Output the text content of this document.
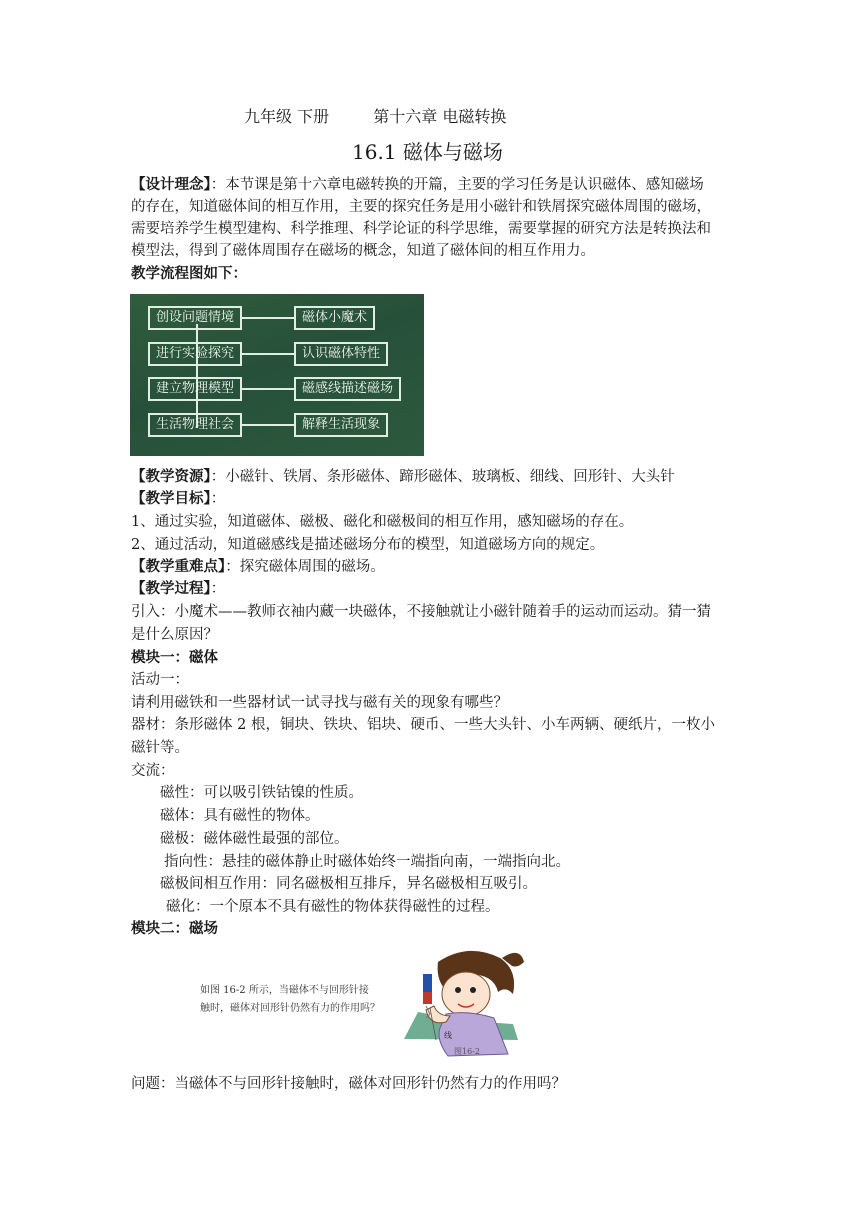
九年级 下册	第十六章 电磁转换
16.1 磁体与磁场
【设计理念】：本节课是第十六章电磁转换的开篇，主要的学习任务是认识磁体、感知磁场
的存在，知道磁体间的相互作用，主要的探究任务是用小磁针和铁屑探究磁体周围的磁场，
需要培养学生模型建构、科学推理、科学论证的科学思维，需要掌握的研究方法是转换法和
模型法，得到了磁体周围存在磁场的概念，知道了磁体间的相互作用力。
教学流程图如下：
创设问题情境
进行实验探究
建立物理模型
生活物理社会
磁体小魔术
认识磁体特性
磁感线描述磁场
解释生活现象
【教学资源】：小磁针、铁屑、条形磁体、蹄形磁体、玻璃板、细线、回形针、大头针
【教学目标】：
1、通过实验，知道磁体、磁极、磁化和磁极间的相互作用，感知磁场的存在。
2、通过活动，知道磁感线是描述磁场分布的模型，知道磁场方向的规定。
【教学重难点】：探究磁体周围的磁场。
【教学过程】：
引入：小魔术——教师衣袖内藏一块磁体，不接触就让小磁针随着手的运动而运动。猜一猜
是什么原因？
模块一：磁体
活动一：
请利用磁铁和一些器材试一试寻找与磁有关的现象有哪些？
器材：条形磁体 2 根，铜块、铁块、铝块、硬币、一些大头针、小车两辆、硬纸片，一枚小
磁针等。
交流：
磁性：可以吸引铁钴镍的性质。
磁体：具有磁性的物体。
磁极：磁体磁性最强的部位。
指向性：悬挂的磁体静止时磁体始终一端指向南，一端指向北。
磁极间相互作用：同名磁极相互排斥，异名磁极相互吸引。
磁化：一个原本不具有磁性的物体获得磁性的过程。
模块二：磁场
如图 16-2 所示，当磁体不与回形针接
触时，磁体对回形针仍然有力的作用吗？
线
图16-2
问题：当磁体不与回形针接触时，磁体对回形针仍然有力的作用吗？
